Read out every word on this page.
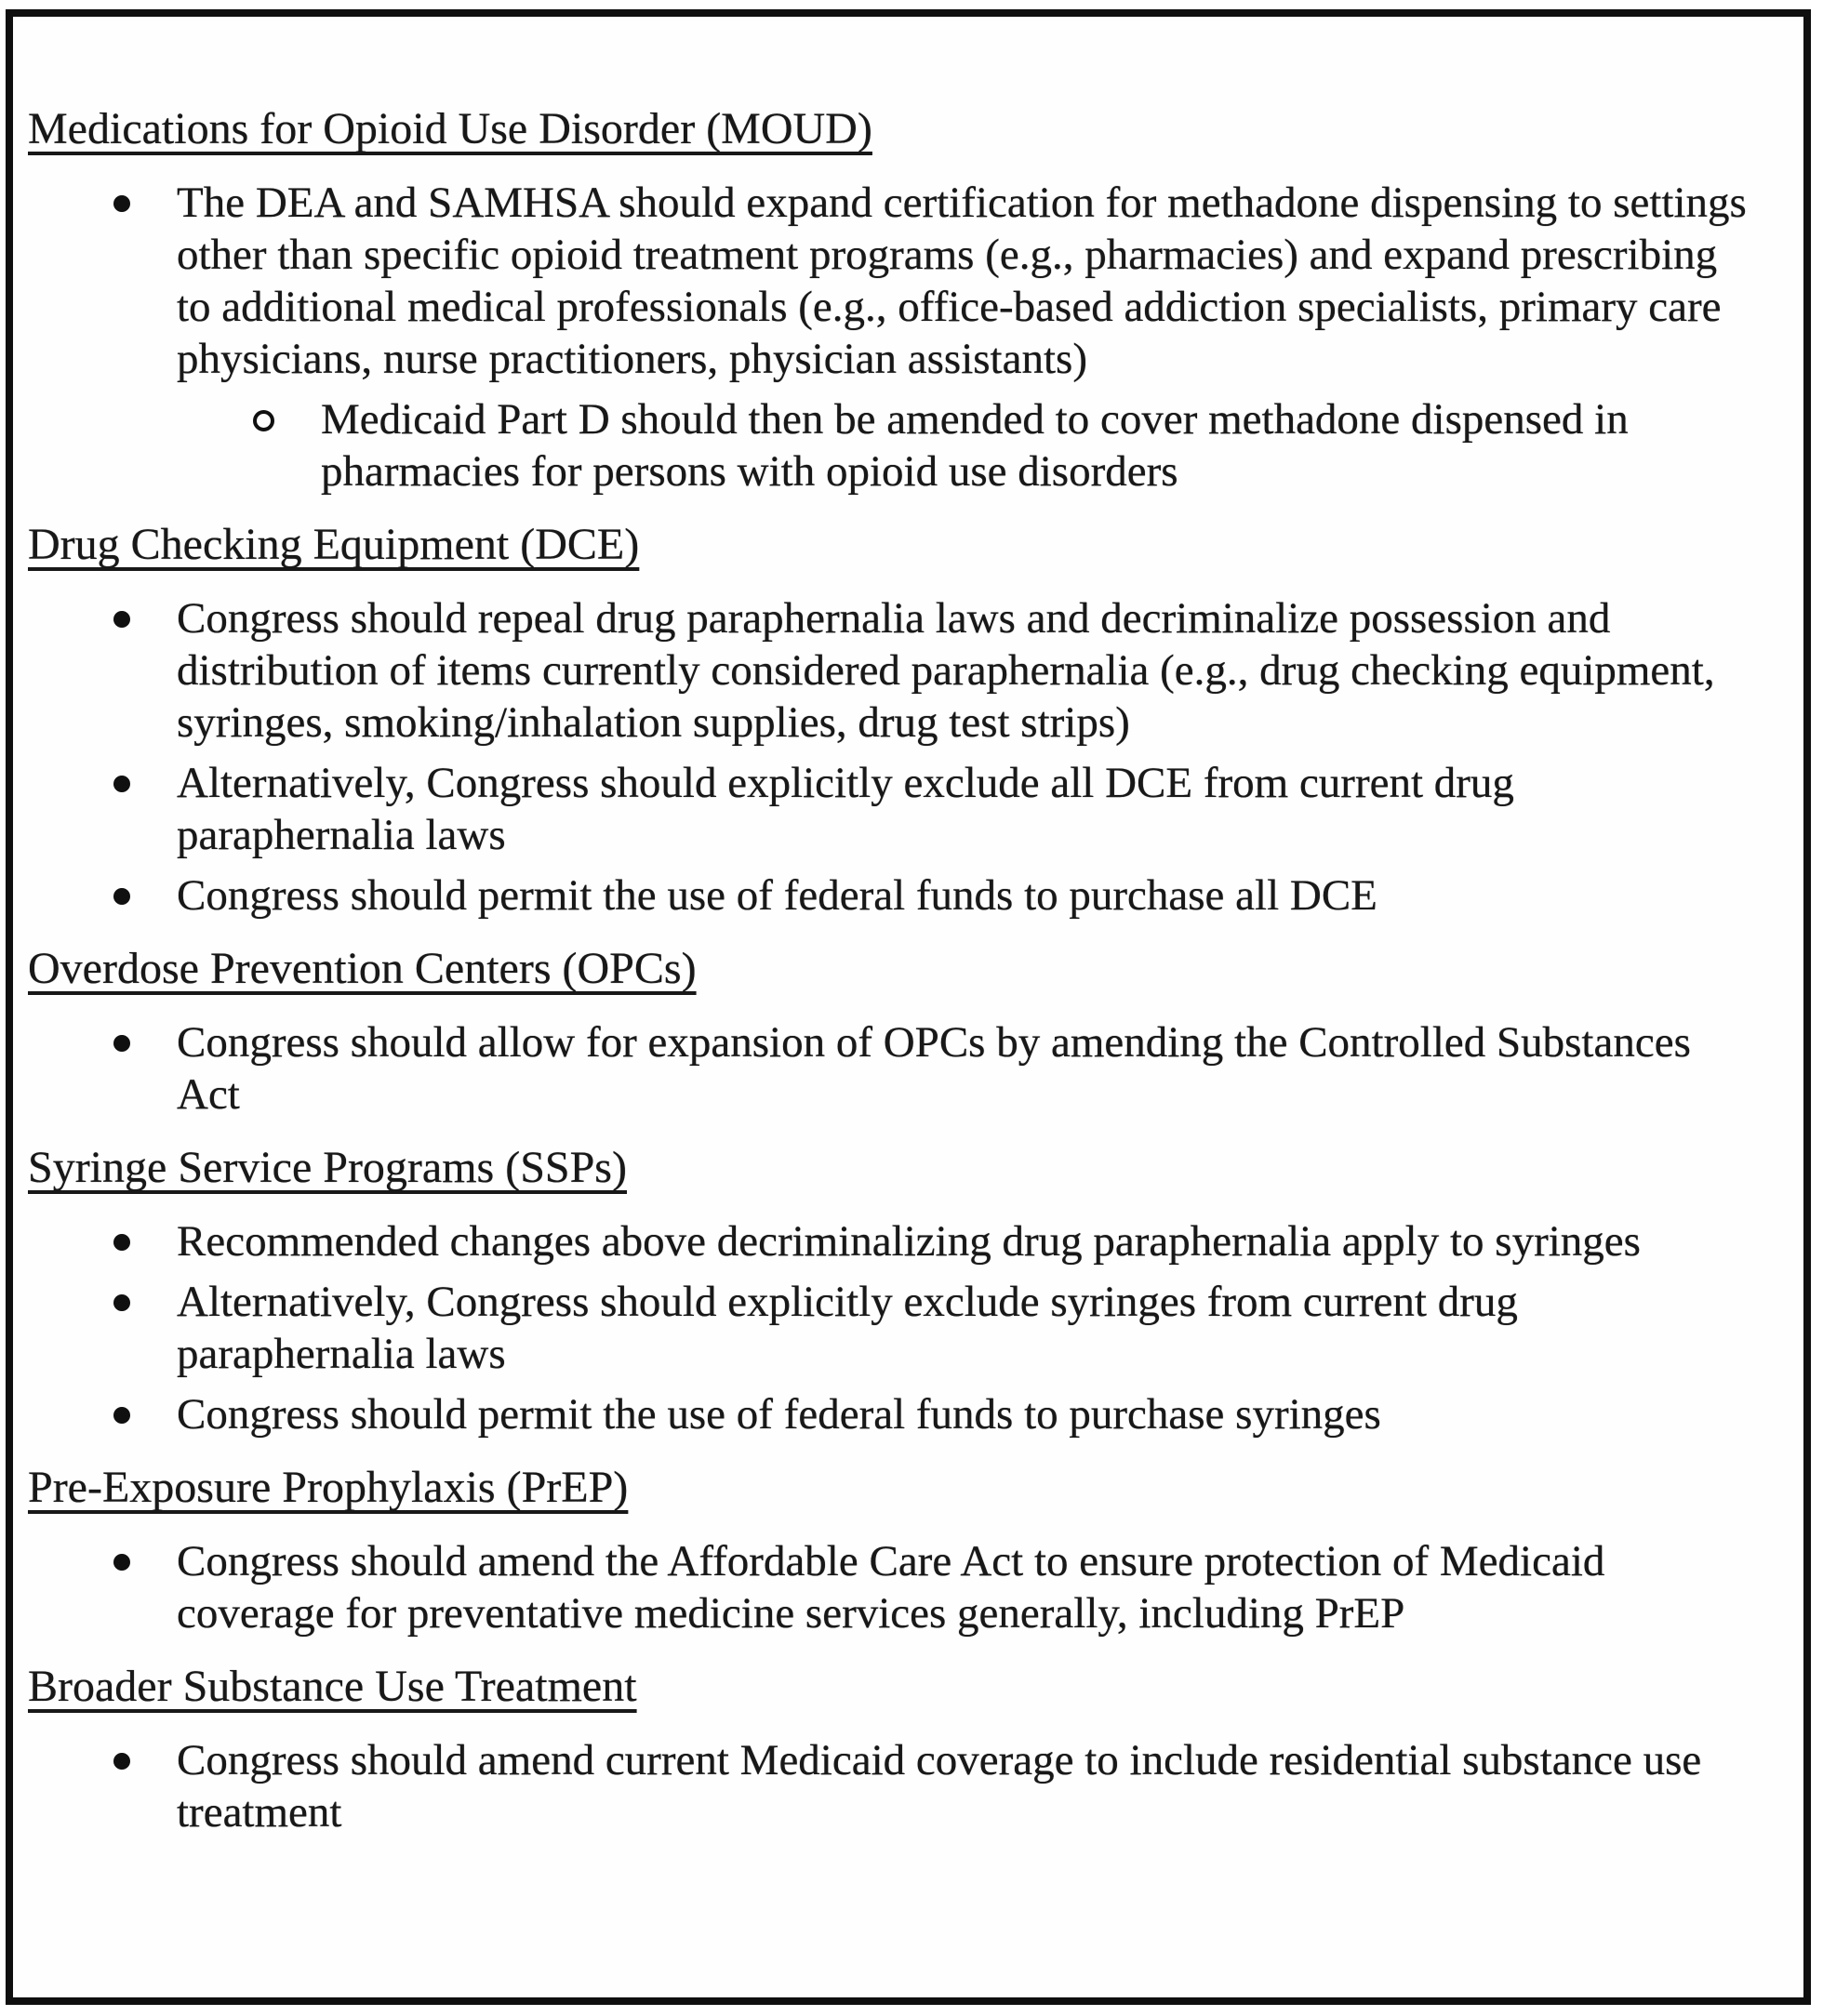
Medications for Opioid Use Disorder (MOUD)
The DEA and SAMHSA should expand certification for methadone dispensing to settings other than specific opioid treatment programs (e.g., pharmacies) and expand prescribing to additional medical professionals (e.g., office-based addiction specialists, primary care physicians, nurse practitioners, physician assistants)
Medicaid Part D should then be amended to cover methadone dispensed in pharmacies for persons with opioid use disorders
Drug Checking Equipment (DCE)
Congress should repeal drug paraphernalia laws and decriminalize possession and distribution of items currently considered paraphernalia (e.g., drug checking equipment, syringes, smoking/inhalation supplies, drug test strips)
Alternatively, Congress should explicitly exclude all DCE from current drug paraphernalia laws
Congress should permit the use of federal funds to purchase all DCE
Overdose Prevention Centers (OPCs)
Congress should allow for expansion of OPCs by amending the Controlled Substances Act
Syringe Service Programs (SSPs)
Recommended changes above decriminalizing drug paraphernalia apply to syringes
Alternatively, Congress should explicitly exclude syringes from current drug paraphernalia laws
Congress should permit the use of federal funds to purchase syringes
Pre-Exposure Prophylaxis (PrEP)
Congress should amend the Affordable Care Act to ensure protection of Medicaid coverage for preventative medicine services generally, including PrEP
Broader Substance Use Treatment
Congress should amend current Medicaid coverage to include residential substance use treatment
